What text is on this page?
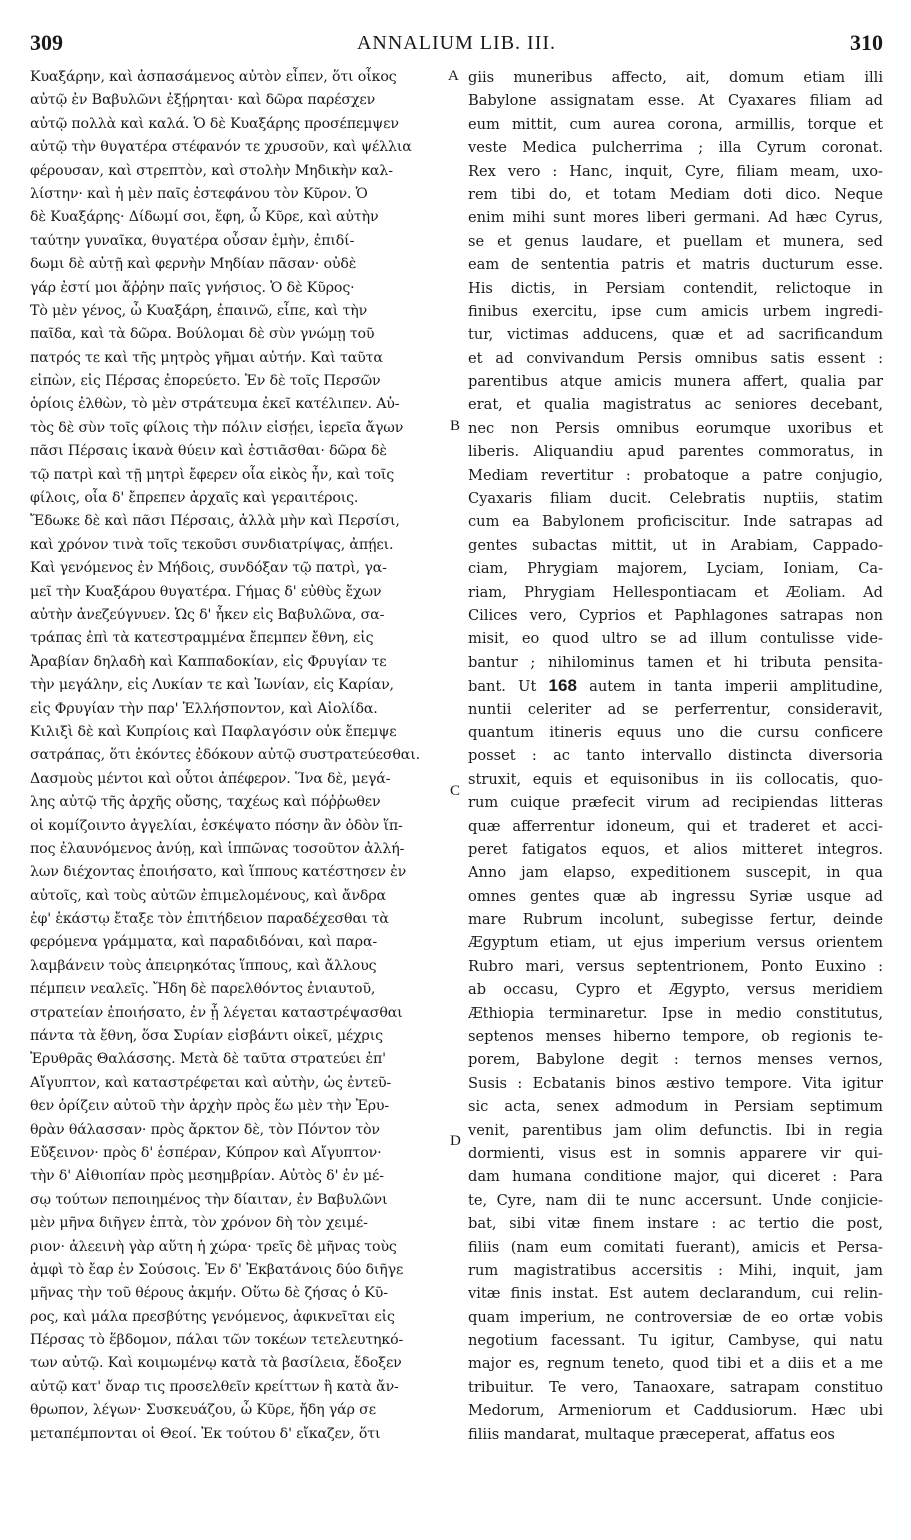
309	ANNALIUM LIB. III.	310
Κυαξάρην, καὶ ἀσπασάμενος αὐτὸν εἶπεν, ὅτι οἶκος
αὐτῷ ἐν Βαβυλῶνι ἐξῄρηται· καὶ δῶρα παρέσχεν
αὐτῷ πολλὰ καὶ καλά. Ὁ δὲ Κυαξάρης προσέπεμψεν
αὐτῷ τὴν θυγατέρα στέφανόν τε χρυσοῦν, καὶ ψέλλια
φέρουσαν, καὶ στρεπτὸν, καὶ στολὴν Μηδικὴν καλ-
λίστην· καὶ ἡ μὲν παῖς ἐστεφάνου τὸν Κῦρον. Ὁ
δὲ Κυαξάρης· Δίδωμί σοι, ἔφη, ὦ Κῦρε, καὶ αὐτὴν
ταύτην γυναῖκα, θυγατέρα οὖσαν ἐμὴν, ἐπιδί-
δωμι δὲ αὐτῇ καὶ φερνὴν Μηδίαν πᾶσαν· οὐδὲ
γάρ ἐστί μοι ἄῤῥην παῖς γνήσιος. Ὁ δὲ Κῦρος·
Τὸ μὲν γένος, ὦ Κυαξάρη, ἐπαινῶ, εἶπε, καὶ τὴν
παῖδα, καὶ τὰ δῶρα. Βούλομαι δὲ σὺν γνώμῃ τοῦ
πατρός τε καὶ τῆς μητρὸς γῆμαι αὐτήν. Καὶ ταῦτα
εἰπὼν, εἰς Πέρσας ἐπορεύετο. Ἐν δὲ τοῖς Περσῶν
ὁρίοις ἐλθὼν, τὸ μὲν στράτευμα ἐκεῖ κατέλιπεν. Αὐ-
τὸς δὲ σὺν τοῖς φίλοις τὴν πόλιν εἰσῄει, ἱερεῖα ἄγων
πᾶσι Πέρσαις ἱκανὰ θύειν καὶ ἑστιᾶσθαι· δῶρα δὲ
τῷ πατρὶ καὶ τῇ μητρὶ ἔφερεν οἷα εἰκὸς ἦν, καὶ τοῖς
φίλοις, οἷα δ' ἔπρεπεν ἀρχαῖς καὶ γεραιτέροις.
Ἔδωκε δὲ καὶ πᾶσι Πέρσαις, ἀλλὰ μὴν καὶ Περσίσι,
καὶ χρόνον τινὰ τοῖς τεκοῦσι συνδιατρίψας, ἀπῄει.
Καὶ γενόμενος ἐν Μήδοις, συνδόξαν τῷ πατρὶ, γα-
μεῖ τὴν Κυαξάρου θυγατέρα. Γήμας δ' εὐθὺς ἔχων
αὐτὴν ἀνεζεύγνυεν. Ὡς δ' ἧκεν εἰς Βαβυλῶνα, σα-
τράπας ἐπὶ τὰ κατεστραμμένα ἔπεμπεν ἔθνη, εἰς
Ἀραβίαν δηλαδὴ καὶ Καππαδοκίαν, εἰς Φρυγίαν τε
τὴν μεγάλην, εἰς Λυκίαν τε καὶ Ἰωνίαν, εἰς Καρίαν,
εἰς Φρυγίαν τὴν παρ' Ἑλλήσποντον, καὶ Αἰολίδα.
Κιλιξὶ δὲ καὶ Κυπρίοις καὶ Παφλαγόσιν οὐκ ἔπεμψε
σατράπας, ὅτι ἑκόντες ἐδόκουν αὐτῷ συστρατεύεσθαι.
Δασμοὺς μέντοι καὶ οὗτοι ἀπέφερον. Ἵνα δὲ, μεγά-
λης αὐτῷ τῆς ἀρχῆς οὔσης, ταχέως καὶ πόῤῥωθεν
οἱ κομίζοιντο ἀγγελίαι, ἐσκέψατο πόσην ἂν ὁδὸν ἵπ-
πος ἐλαυνόμενος ἀνύῃ, καὶ ἱππῶνας τοσοῦτον ἀλλή-
λων διέχοντας ἐποιήσατο, καὶ ἵππους κατέστησεν ἐν
αὐτοῖς, καὶ τοὺς αὐτῶν ἐπιμελομένους, καὶ ἄνδρα
ἐφ' ἑκάστῳ ἔταξε τὸν ἐπιτήδειον παραδέχεσθαι τὰ
φερόμενα γράμματα, καὶ παραδιδόναι, καὶ παρα-
λαμβάνειν τοὺς ἀπειρηκότας ἵππους, καὶ ἄλλους
πέμπειν νεαλεῖς. Ἤδη δὲ παρελθόντος ἐνιαυτοῦ,
στρατείαν ἐποιήσατο, ἐν ᾗ λέγεται καταστρέψασθαι
πάντα τὰ ἔθνη, ὅσα Συρίαν εἰσβάντι οἰκεῖ, μέχρις
Ἐρυθρᾶς Θαλάσσης. Μετὰ δὲ ταῦτα στρατεύει ἐπ'
Αἴγυπτον, καὶ καταστρέφεται καὶ αὐτὴν, ὡς ἐντεῦ-
θεν ὁρίζειν αὐτοῦ τὴν ἀρχὴν πρὸς ἕω μὲν τὴν Ἐρυ-
θρὰν θάλασσαν· πρὸς ἄρκτον δὲ, τὸν Πόντον τὸν
Εὔξεινον· πρὸς δ' ἑσπέραν, Κύπρον καὶ Αἴγυπτον·
τὴν δ' Αἰθιοπίαν πρὸς μεσημβρίαν. Αὐτὸς δ' ἐν μέ-
σῳ τούτων πεποιημένος τὴν δίαιταν, ἐν Βαβυλῶνι
μὲν μῆνα διῆγεν ἑπτὰ, τὸν χρόνον δὴ τὸν χειμέ-
ριον· ἀλεεινὴ γὰρ αὕτη ἡ χώρα· τρεῖς δὲ μῆνας τοὺς
ἀμφὶ τὸ ἔαρ ἐν Σούσοις. Ἐν δ' Ἐκβατάνοις δύο διῆγε
μῆνας τὴν τοῦ θέρους ἀκμήν. Οὕτω δὲ ζήσας ὁ Κῦ-
ρος, καὶ μάλα πρεσβύτης γενόμενος, ἀφικνεῖται εἰς
Πέρσας τὸ ἕβδομον, πάλαι τῶν τοκέων τετελευτηκό-
των αὐτῷ. Καὶ κοιμωμένῳ κατὰ τὰ βασίλεια, ἔδοξεν
αὐτῷ κατ' ὄναρ τις προσελθεῖν κρείττων ἢ κατὰ ἄν-
θρωπον, λέγων· Συσκευάζου, ὦ Κῦρε, ἤδη γάρ σε
μεταπέμπονται οἱ Θεοί. Ἐκ τούτου δ' εἴκαζεν, ὅτι
giis muneribus affecto, ait, domum etiam illi
Babylone assignatam esse. At Cyaxares filiam ad
eum mittit, cum aurea corona, armillis, torque et
veste Medica pulcherrima ; illa Cyrum coronat.
Rex vero : Hanc, inquit, Cyre, filiam meam, uxo-
rem tibi do, et totam Mediam doti dico. Neque
enim mihi sunt mores liberi germani. Ad hæc Cyrus,
se et genus laudare, et puellam et munera, sed
eam de sententia patris et matris ducturum esse.
His dictis, in Persiam contendit, relictoque in
finibus exercitu, ipse cum amicis urbem ingredi-
tur, victimas adducens, quæ et ad sacrificandum
et ad convivandum Persis omnibus satis essent :
parentibus atque amicis munera affert, qualia par
erat, et qualia magistratus ac seniores decebant,
nec non Persis omnibus eorumque uxoribus et
liberis. Aliquandiu apud parentes commoratus, in
Mediam revertitur : probatoque a patre conjugio,
Cyaxaris filiam ducit. Celebratis nuptiis, statim
cum ea Babylonem proficiscitur. Inde satrapas ad
gentes subactas mittit, ut in Arabiam, Cappado-
ciam, Phrygiam majorem, Lyciam, Ioniam, Ca-
riam, Phrygiam Hellespontiacam et Æoliam. Ad
Cilices vero, Cyprios et Paphlagones satrapas non
misit, eo quod ultro se ad illum contulisse vide-
bantur ; nihilominus tamen et hi tributa pensita-
bant. Ut 168 autem in tanta imperii amplitudine,
nuntii celeriter ad se perferrentur, consideravit,
quantum itineris equus uno die cursu conficere
posset : ac tanto intervallo distincta diversoria
struxit, equis et equisonibus in iis collocatis, quo-
rum cuique præfecit virum ad recipiendas litteras
quæ afferrentur idoneum, qui et traderet et acci-
peret fatigatos equos, et alios mitteret integros.
Anno jam elapso, expeditionem suscepit, in qua
omnes gentes quæ ab ingressu Syriæ usque ad
mare Rubrum incolunt, subegisse fertur, deinde
Ægyptum etiam, ut ejus imperium versus orientem
Rubro mari, versus septentrionem, Ponto Euxino :
ab occasu, Cypro et Ægypto, versus meridiem
Æthiopia terminaretur. Ipse in medio constitutus,
septenos menses hiberno tempore, ob regionis te-
porem, Babylone degit : ternos menses vernos,
Susis : Ecbatanis binos æstivo tempore. Vita igitur
sic acta, senex admodum in Persiam septimum
venit, parentibus jam olim defunctis. Ibi in regia
dormienti, visus est in somnis apparere vir qui-
dam humana conditione major, qui diceret : Para
te, Cyre, nam dii te nunc accersunt. Unde conjicie-
bat, sibi vitæ finem instare : ac tertio die post,
filiis (nam eum comitati fuerant), amicis et Persa-
rum magistratibus accersitis : Mihi, inquit, jam
vitæ finis instat. Est autem declarandum, cui relin-
quam imperium, ne controversiæ de eo ortæ vobis
negotium facessant. Tu igitur, Cambyse, qui natu
major es, regnum teneto, quod tibi et a diis et a me
tribuitur. Te vero, Tanaoxare, satrapam constituo
Medorum, Armeniorum et Caddusiorum. Hæc ubi
filiis mandarat, multaque præceperat, affatus eos
A
B
C
D
